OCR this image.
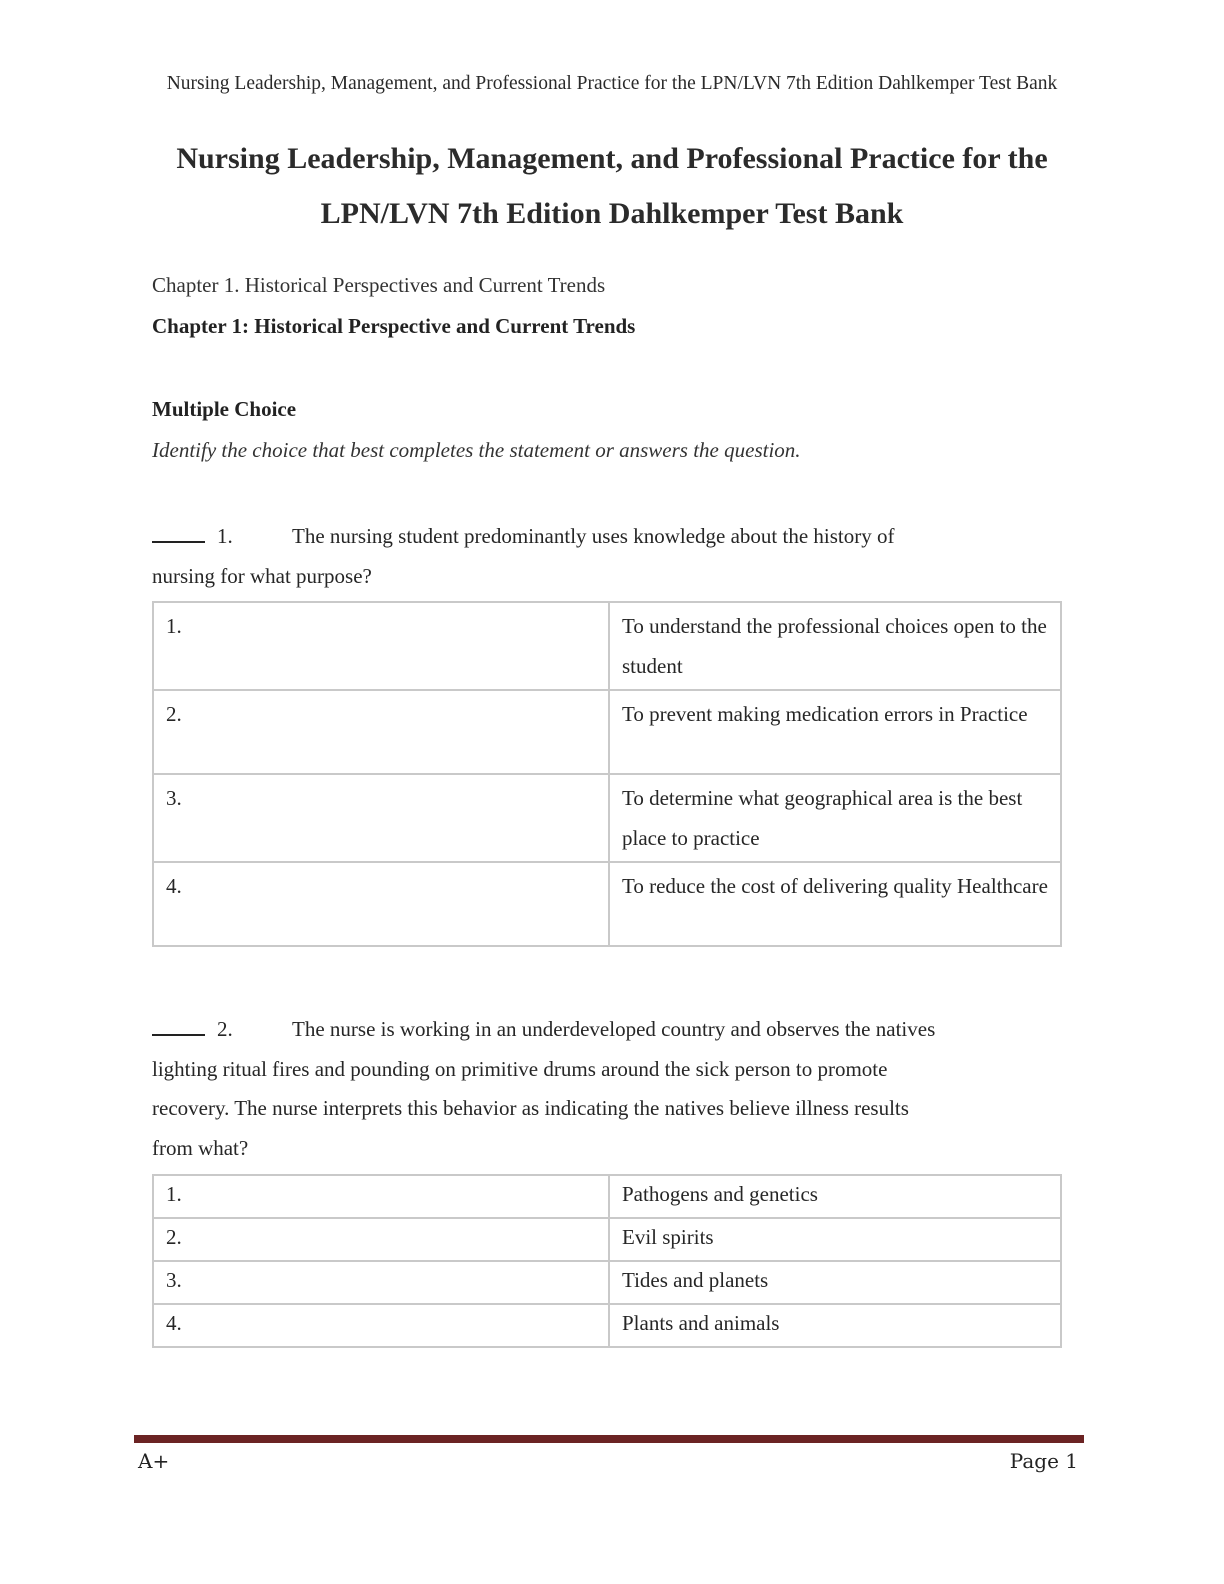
Nursing Leadership, Management, and Professional Practice for the LPN/LVN 7th Edition Dahlkemper Test Bank
Nursing Leadership, Management, and Professional Practice for the LPN/LVN 7th Edition Dahlkemper Test Bank
Chapter 1. Historical Perspectives and Current Trends
Chapter 1: Historical Perspective and Current Trends
Multiple Choice
Identify the choice that best completes the statement or answers the question.
1.	The nursing student predominantly uses knowledge about the history of nursing for what purpose?
1.	To understand the professional choices open to the student
2.	To prevent making medication errors in Practice
3.	To determine what geographical area is the best place to practice
4.	To reduce the cost of delivering quality Healthcare
2.	The nurse is working in an underdeveloped country and observes the natives lighting ritual fires and pounding on primitive drums around the sick person to promote recovery. The nurse interprets this behavior as indicating the natives believe illness results from what?
1.	Pathogens and genetics
2.	Evil spirits
3.	Tides and planets
4.	Plants and animals
A+	Page 1
